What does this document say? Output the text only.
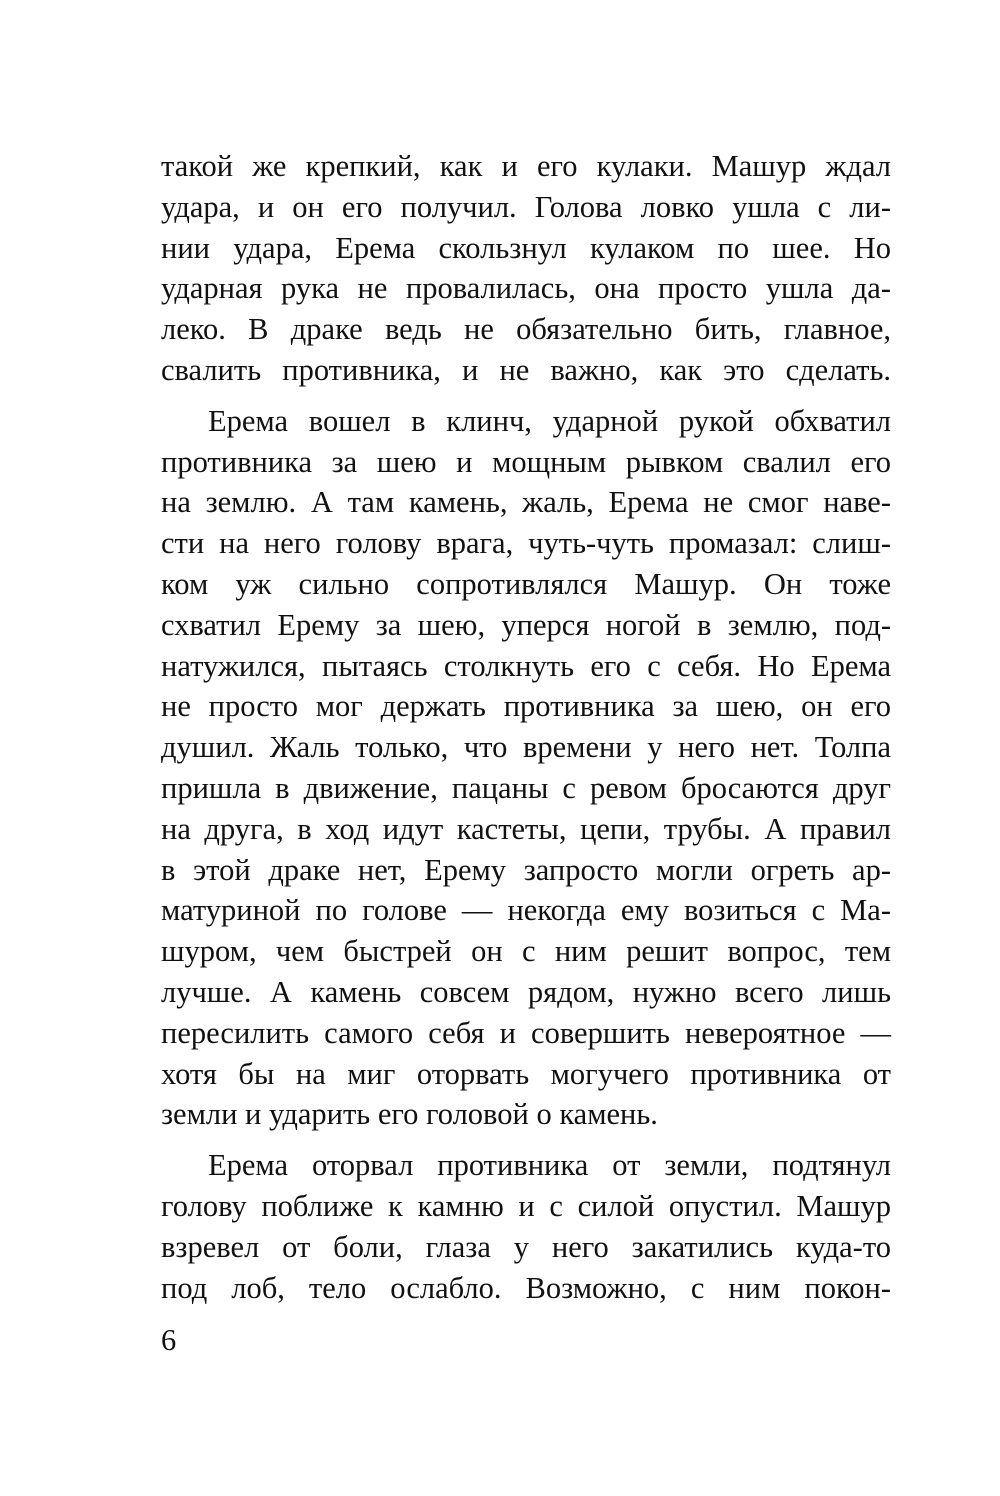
такой же крепкий, как и его кулаки. Машур ждал
удара, и он его получил. Голова ловко ушла с ли-
нии удара, Ерема скользнул кулаком по шее. Но
ударная рука не провалилась, она просто ушла да-
леко. В драке ведь не обязательно бить, главное,
свалить противника, и не важно, как это сделать.
Ерема вошел в клинч, ударной рукой обхватил
противника за шею и мощным рывком свалил его
на землю. А там камень, жаль, Ерема не смог наве-
сти на него голову врага, чуть-чуть промазал: слиш-
ком уж сильно сопротивлялся Машур. Он тоже
схватил Ерему за шею, уперся ногой в землю, под-
натужился, пытаясь столкнуть его с себя. Но Ерема
не просто мог держать противника за шею, он его
душил. Жаль только, что времени у него нет. Толпа
пришла в движение, пацаны с ревом бросаются друг
на друга, в ход идут кастеты, цепи, трубы. А правил
в этой драке нет, Ерему запросто могли огреть ар-
матуриной по голове — некогда ему возиться с Ма-
шуром, чем быстрей он с ним решит вопрос, тем
лучше. А камень совсем рядом, нужно всего лишь
пересилить самого себя и совершить невероятное —
хотя бы на миг оторвать могучего противника от
земли и ударить его головой о камень.
Ерема оторвал противника от земли, подтянул
голову поближе к камню и с силой опустил. Машур
взревел от боли, глаза у него закатились куда-то
под лоб, тело ослабло. Возможно, с ним покон-
6
